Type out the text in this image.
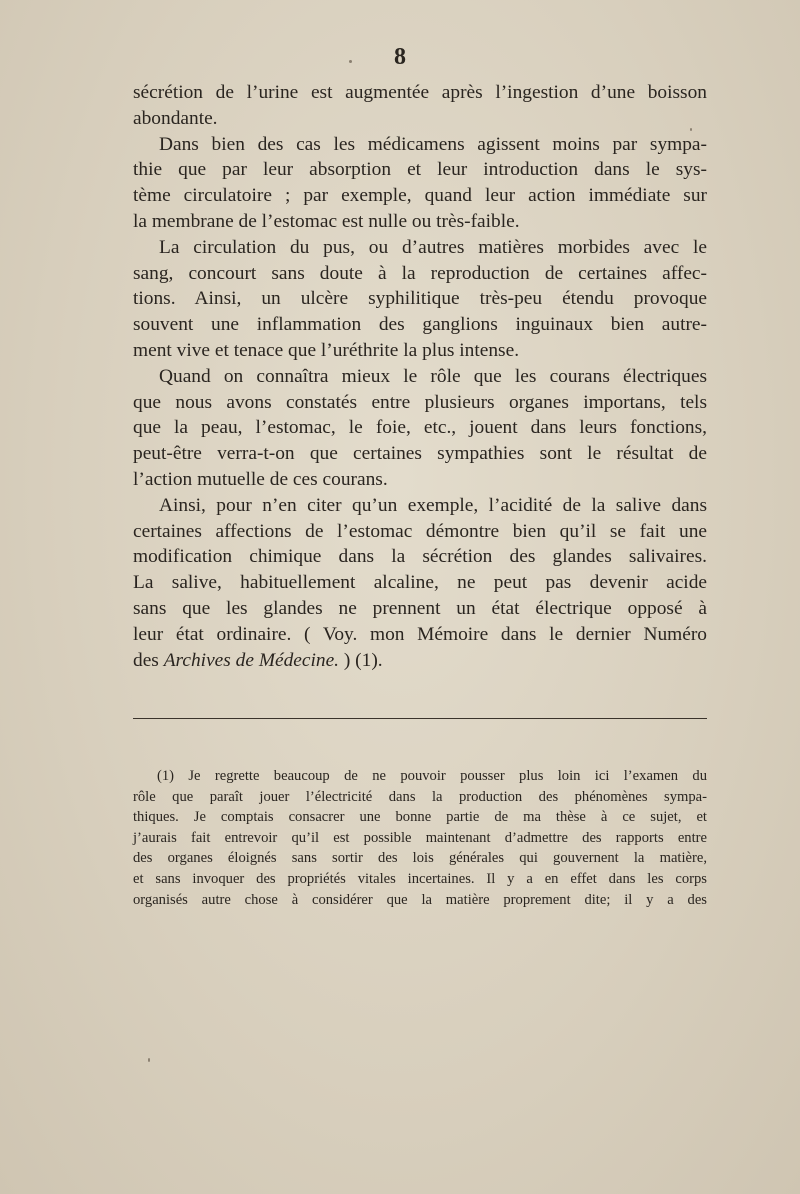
8
sécrétion de l’urine est augmentée après l’ingestion d’une boisson
abondante.
Dans bien des cas les médicamens agissent moins par sympa-
thie que par leur absorption et leur introduction dans le sys-
tème circulatoire ; par exemple, quand leur action immédiate sur
la membrane de l’estomac est nulle ou très-faible.
La circulation du pus, ou d’autres matières morbides avec le
sang, concourt sans doute à la reproduction de certaines affec-
tions. Ainsi, un ulcère syphilitique très-peu étendu provoque
souvent une inflammation des ganglions inguinaux bien autre-
ment vive et tenace que l’uréthrite la plus intense.
Quand on connaîtra mieux le rôle que les courans électriques
que nous avons constatés entre plusieurs organes importans, tels
que la peau, l’estomac, le foie, etc., jouent dans leurs fonctions,
peut-être verra-t-on que certaines sympathies sont le résultat de
l’action mutuelle de ces courans.
Ainsi, pour n’en citer qu’un exemple, l’acidité de la salive dans
certaines affections de l’estomac démontre bien qu’il se fait une
modification chimique dans la sécrétion des glandes salivaires.
La salive, habituellement alcaline, ne peut pas devenir acide
sans que les glandes ne prennent un état électrique opposé à
leur état ordinaire. ( Voy. mon Mémoire dans le dernier Numéro
des Archives de Médecine. ) (1).
(1) Je regrette beaucoup de ne pouvoir pousser plus loin ici l’examen du
rôle que paraît jouer l’électricité dans la production des phénomènes sympa-
thiques. Je comptais consacrer une bonne partie de ma thèse à ce sujet, et
j’aurais fait entrevoir qu’il est possible maintenant d’admettre des rapports entre
des organes éloignés sans sortir des lois générales qui gouvernent la matière,
et sans invoquer des propriétés vitales incertaines. Il y a en effet dans les corps
organisés autre chose à considérer que la matière proprement dite; il y a des
